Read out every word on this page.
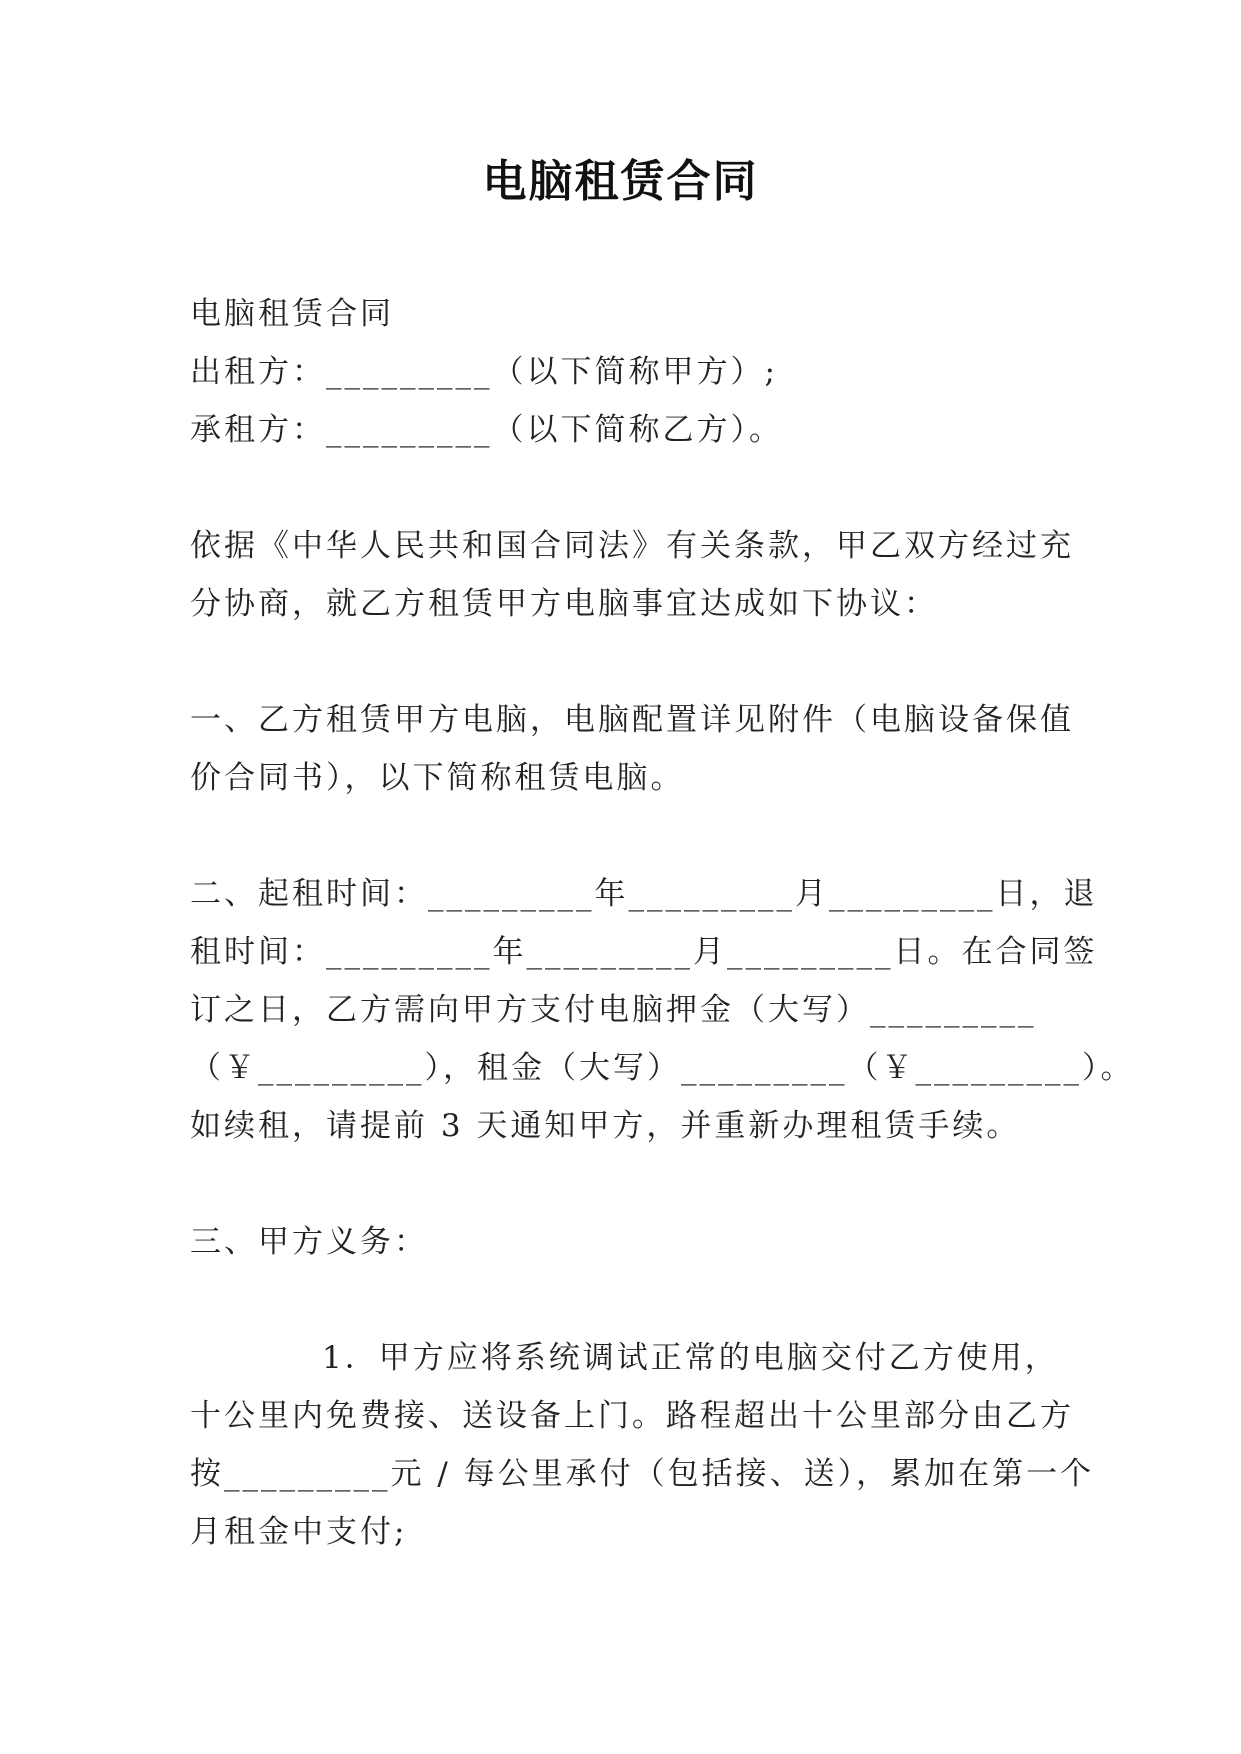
电脑租赁合同
电脑租赁合同
出租方：_________（以下简称甲方）;
承租方：_________（以下简称乙方）。
依据《中华人民共和国合同法》有关条款，甲乙双方经过充
分协商，就乙方租赁甲方电脑事宜达成如下协议：
一、乙方租赁甲方电脑，电脑配置详见附件（电脑设备保值
价合同书），以下简称租赁电脑。
二、起租时间：_________年_________月_________日，退
租时间：_________年_________月_________日。在合同签
订之日，乙方需向甲方支付电脑押金（大写）_________
（￥_________），租金（大写）_________（￥_________）。
如续租，请提前 3 天通知甲方，并重新办理租赁手续。
三、甲方义务：
1．甲方应将系统调试正常的电脑交付乙方使用，
十公里内免费接、送设备上门。路程超出十公里部分由乙方
按_________元 / 每公里承付（包括接、送），累加在第一个
月租金中支付;
